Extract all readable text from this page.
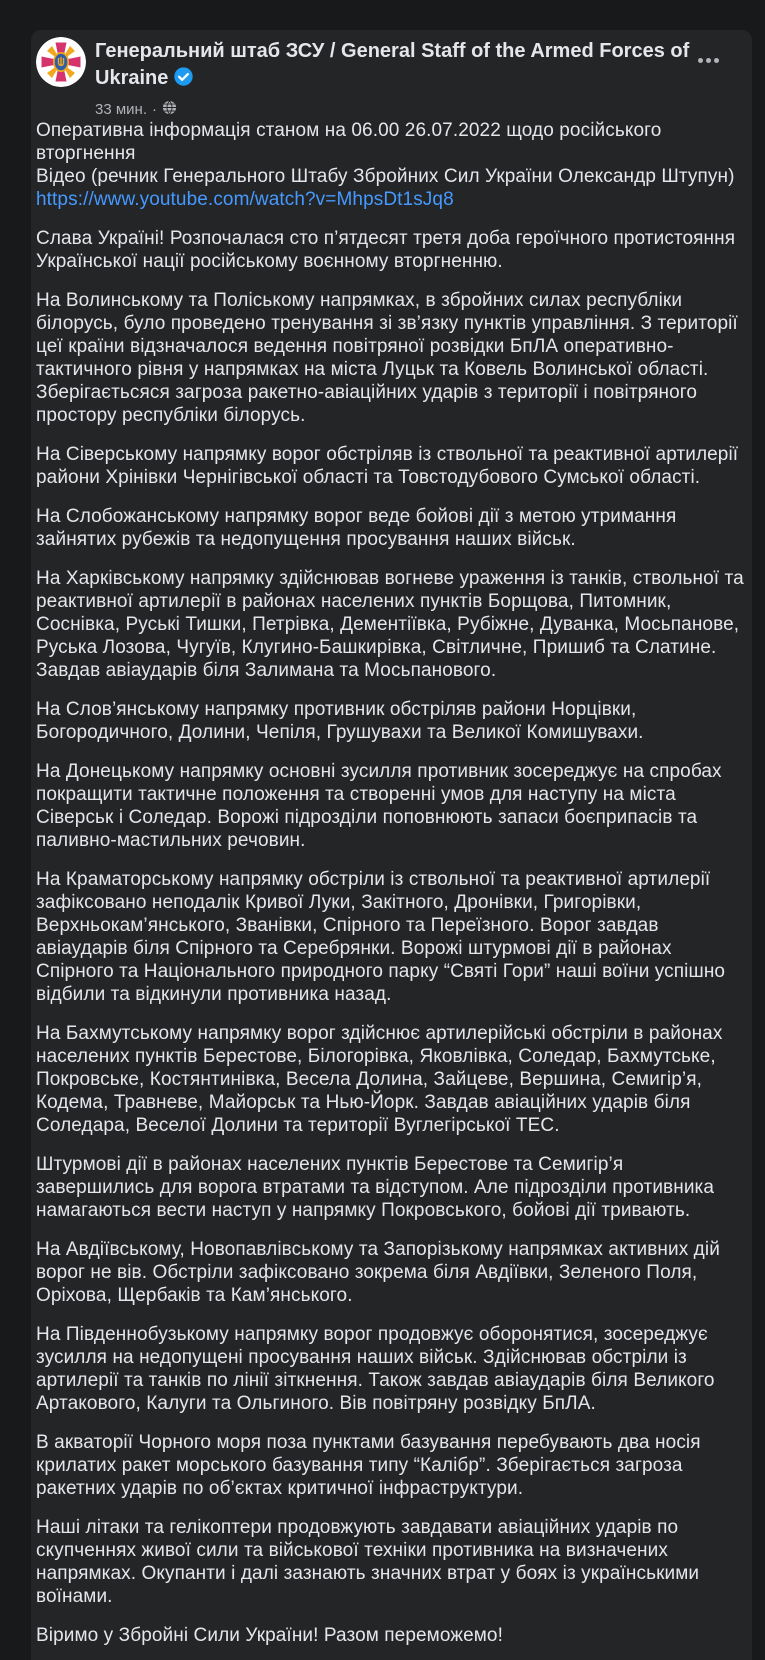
Генеральний штаб ЗСУ / General Staff of the Armed Forces of Ukraine
33 мин. ·

Оперативна інформація станом на 06.00 26.07.2022 щодо російського вторгнення
Відео (речник Генерального Штабу Збройних Сил України Олександр Штупун)
https://www.youtube.com/watch?v=MhpsDt1sJq8

Слава Україні! Розпочалася сто п’ятдесят третя доба героїчного протистояння Української нації російському воєнному вторгненню.

На Волинському та Поліському напрямках, в збройних силах республіки білорусь, було проведено тренування зі зв’язку пунктів управління. З території цеї країни відзначалося ведення повітряної розвідки БпЛА оперативно-тактичного рівня у напрямках на міста Луцьк та Ковель Волинської області. Зберігаєтьсяся загроза ракетно-авіаційних ударів з території і повітряного простору республіки білорусь.

На Сіверському напрямку ворог обстріляв із ствольної та реактивної артилерії райони Хрінівки Чернігівської області та Товстодубового Сумської області.

На Слобожанському напрямку ворог веде бойові дії з метою утримання зайнятих рубежів та недопущення просування наших військ.

На Харківському напрямку здійснював вогневе ураження із танків, ствольної та реактивної артилерії в районах населених пунктів Борщова, Питомник, Соснівка, Руські Тишки, Петрівка, Дементіївка, Рубіжне, Дуванка, Мосьпанове, Руська Лозова, Чугуїв, Клугино-Башкирівка, Світличне, Пришиб та Слатине. Завдав авіаударів біля Залимана та Мосьпанового.

На Слов’янському напрямку противник обстріляв райони Норцівки, Богородичного, Долини, Чепіля, Грушувахи та Великої Комишувахи.

На Донецькому напрямку основні зусилля противник зосереджує на спробах покращити тактичне положення та створенні умов для наступу на міста Сіверськ і Соледар. Ворожі підрозділи поповнюють запаси боєприпасів та паливно-мастильних речовин.

На Краматорському напрямку обстріли із ствольної та реактивної артилерії зафіксовано неподалік Кривої Луки, Закітного, Дронівки, Григорівки, Верхньокам’янського, Званівки, Спірного та Переїзного. Ворог завдав авіаударів біля Спірного та Серебрянки. Ворожі штурмові дії в районах Спірного та Національного природного парку “Святі Гори” наші воїни успішно відбили та відкинули противника назад.

На Бахмутському напрямку ворог здійснює артилерійські обстріли в районах населених пунктів Берестове, Білогорівка, Яковлівка, Соледар, Бахмутське, Покровське, Костянтинівка, Весела Долина, Зайцеве, Вершина, Семигір’я, Кодема, Травневе, Майорськ та Нью-Йорк. Завдав авіаційних ударів біля Соледара, Веселої Долини та території Вуглегірської ТЕС.

Штурмові дії в районах населених пунктів Берестове та Семигір’я завершились для ворога втратами та відступом. Але підрозділи противника намагаються вести наступ у напрямку Покровського, бойові дії тривають.

На Авдіївському, Новопавлівському та Запорізькому напрямках активних дій ворог не вів. Обстріли зафіксовано зокрема біля Авдіївки, Зеленого Поля, Оріхова, Щербаків та Кам’янського.

На Південнобузькому напрямку ворог продовжує оборонятися, зосереджує зусилля на недопущені просування наших військ. Здійснював обстріли із артилерії та танків по лінії зіткнення. Також завдав авіаударів біля Великого Артакового, Калуги та Ольгиного. Вів повітряну розвідку БпЛА.

В акваторії Чорного моря поза пунктами базування перебувають два носія крилатих ракет морського базування типу “Калібр”. Зберігається загроза ракетних ударів по об’єктах критичної інфраструктури.

Наші літаки та гелікоптери продовжують завдавати авіаційних ударів по скупченнях живої сили та військової техніки противника на визначених напрямках. Окупанти і далі зазнають значних втрат у боях із українськими воїнами.

Віримо у Збройні Сили України! Разом переможемо!
